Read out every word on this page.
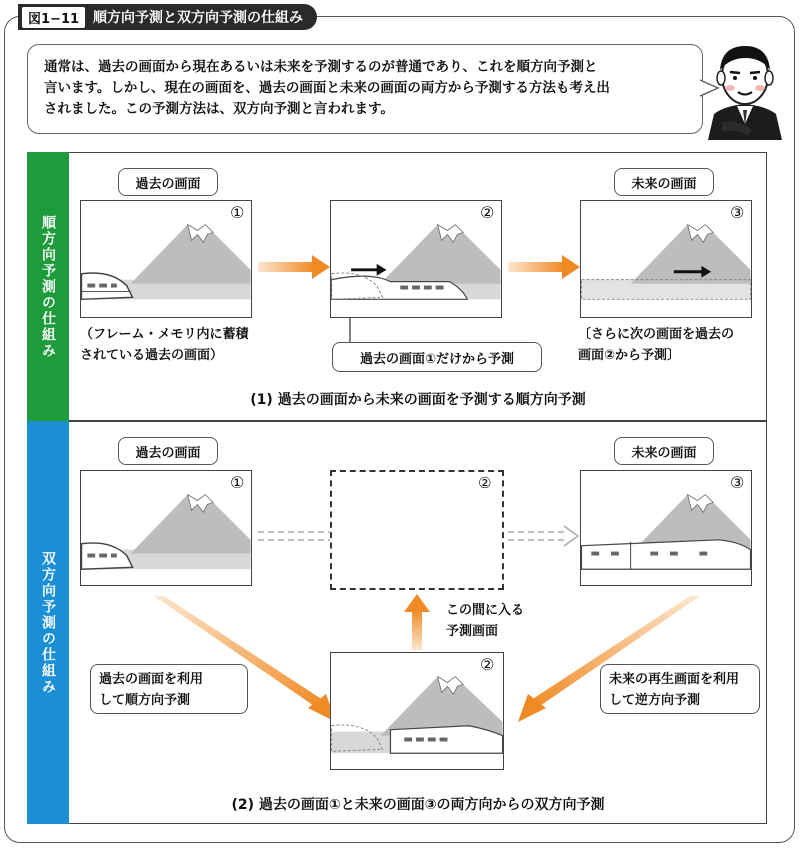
図1−11	順方向予測と双方向予測の仕組み
通常は、過去の画面から現在あるいは未来を予測するのが普通であり、これを順方向予測と
言います。しかし、現在の画面を、過去の画面と未来の画面の両方から予測する方法も考え出
されました。この予測方法は、双方向予測と言われます。
順方向予測の仕組み
過去の画面	未来の画面
①	②	③
（フレーム・メモリ内に蓄積
されている過去の画面）	過去の画面①だけから予測
〔さらに次の画面を過去の
画面②から予測〕
(1) 過去の画面から未来の画面を予測する順方向予測
双方向予測の仕組み
過去の画面	未来の画面
①	②	③
この間に入る
予測画面
過去の画面を利用
して順方向予測
未来の再生画面を利用
して逆方向予測
②
(2) 過去の画面①と未来の画面③の両方向からの双方向予測
